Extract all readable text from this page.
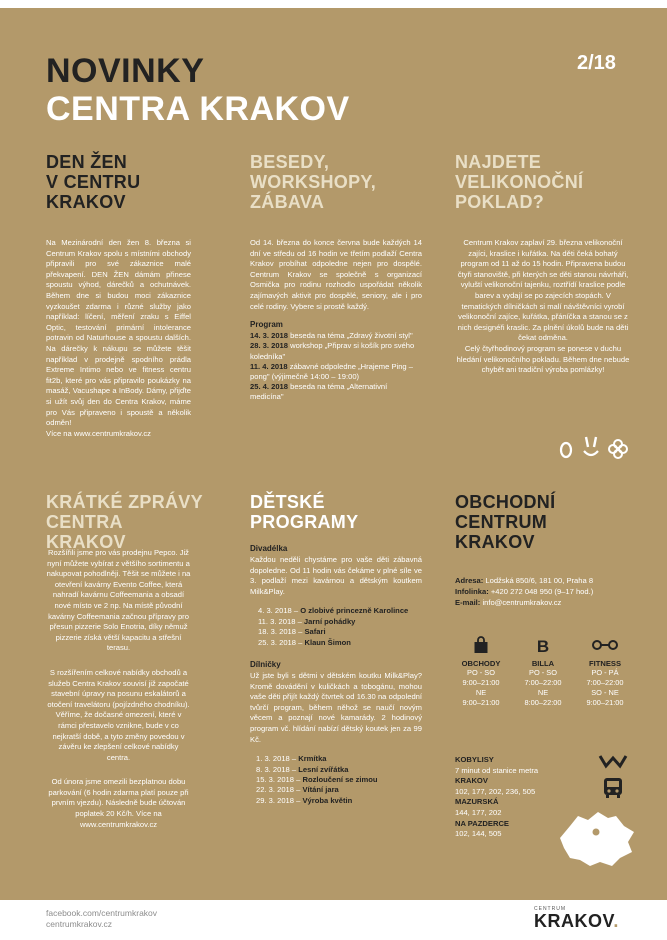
NOVINKY
CENTRA KRAKOV
2/18
DEN ŽEN
V CENTRU
KRAKOV

Na Mezinárodní den žen 8. března si Centrum Krakov spolu s místními obchody připravili pro své zákaznice malé překvapení. DEN ŽEN dámám přinese spoustu výhod, dárečků a ochutnávek. Během dne si budou moci zákaznice vyzkoušet zdarma i různé služby jako například: líčení, měření zraku s Eiffel Optic, testování primární intolerance potravin od Naturhouse a spoustu dalších. Na dárečky k nákupu se můžete těšit například v prodejně spodního prádla Extreme Intimo nebo ve fitness centru fit2b, které pro vás připravilo poukázky na masáž, Vacushape a InBody. Dámy, přijďte si užít svůj den do Centra Krakov, máme pro Vás připraveno i spoustě a několik odměn!

Více na www.centrumkrakov.cz

BESEDY,
WORKSHOPY,
ZÁBAVA

Od 14. března do konce června bude každých 14 dní ve středu od 16 hodin ve třetím podlaží Centra Krakov probíhat odpoledne nejen pro dospělé. Centrum Krakov se společně s organizací Osmička pro rodinu rozhodlo uspořádat několik zajímavých aktivit pro dospělé, seniory, ale i pro celé rodiny. Vybere si prostě každý.

Program
14. 3. 2018 beseda na téma „Zdravý životní styl"
28. 3. 2018 workshop „Připrav si košík pro svého koledníka"
11. 4. 2018 zábavné odpoledne „Hrajeme Ping – pong" (výjimečně 14:00 – 19:00)
25. 4. 2018 beseda na téma „Alternativní medicína"
NAJDETE
VELIKONOČNÍ
POKLAD?

Centrum Krakov zaplaví 29. března velikonoční zajíci, kraslice i kuřátka. Na děti čeká bohatý program od 11 až do 15 hodin. Připravena budou čtyři stanoviště, při kterých se děti stanou návrháři, vyluští velikonoční tajenku, roztřídí kraslice podle barev a vydají se po zajecích stopách. V tematických dílničkách si malí návštěvníci vyrobí velikonoční zajíce, kuřátka, přáníčka a stanou se z nich designéři kraslic. Za plnění úkolů bude na děti čekat odměna.

Celý čtyřhodinový program se ponese v duchu hledání velikonočního pokladu. Během dne nebude chybět ani tradiční výroba pomlázky!

KRÁTKÉ ZPRÁVY
CENTRA KRAKOV

Rozšířili jsme pro vás prodejnu Pepco. Již nyní můžete vybírat z většího sortimentu a nakupovat pohodlněji. Těšit se můžete i na otevření kavárny Evento Coffee, která nahradí kavárnu Coffeemania a obsadí nové místo ve 2 np. Na místě původní kavárny Coffeemania začnou přípravy pro přesun pizzerie Solo Enotria, díky němuž pizzerie získá větší kapacitu a střešní terasu.

S rozšířením celkové nabídky obchodů a služeb Centra Krakov souvisí již započaté stavební úpravy na posunu eskalátorů a otočení travelátoru (pojízdného chodníku). Věříme, že dočasné omezení, které v rámci přestavelo vznikne, bude v co nejkratší době, a tyto změny povedou v závěru ke zlepšení celkové nabídky centra.

Od února jsme omezili bezplatnou dobu parkování (6 hodin zdarma platí pouze při prvním vjezdu). Následně bude účtován poplatek 20 Kč/h. Více na www.centrumkrakov.cz

DĚTSKÉ
PROGRAMY
Divadélka

Každou neděli chystáme pro vaše děti zábavná dopoledne. Od 11 hodin vás čekáme v plné síle ve 3. podlaží mezi kavárnou a dětským koutkem Milk&Play.

4. 3. 2018 – O zlobivé princezně Karolince
11. 3. 2018 – Jarní pohádky
18. 3. 2018 – Safari
25. 3. 2018 – Klaun Šimon
Dílničky

Už jste byli s dětmi v dětském koutku Milk&Play? Kromě dovádění v kuličkách a tobogánu, mohou vaše děti přijít každý čtvrtek od 16.30 na odpolední tvůrčí program, během něhož se naučí novým věcem a poznají nové kamarády. 2 hodinový program vč. hlídání nabízí dětský koutek jen za 99 Kč.

1. 3. 2018 – Krmítka
8. 3. 2018 – Lesní zvířátka
15. 3. 2018 – Rozloučení se zimou
22. 3. 2018 – Vítání jara
29. 3. 2018 – Výroba květin
OBCHODNÍ
CENTRUM
KRAKOV
Adresa: Lodžská 850/6, 181 00, Praha 8
Infolinka: +420 272 048 950 (9–17 hod.)
E-mail: info@centrumkrakov.cz
OBCHODY
PO - SO
9:00–21:00
NE
9:00–21:00
B
BILLA
PO - SO
7:00–22:00
NE
8:00–22:00
FITNESS
PO - PÁ
7:00–22:00
SO - NE
9:00–21:00
KOBYLISY
7 minut od stanice metra
KRAKOV
102, 177, 202, 236, 505
MAZURSKÁ
144, 177, 202
NA PAZDERCE
102, 144, 505
facebook.com/centrumkrakov
centrumkrakov.cz
CENTRUM
KRAKOV.
